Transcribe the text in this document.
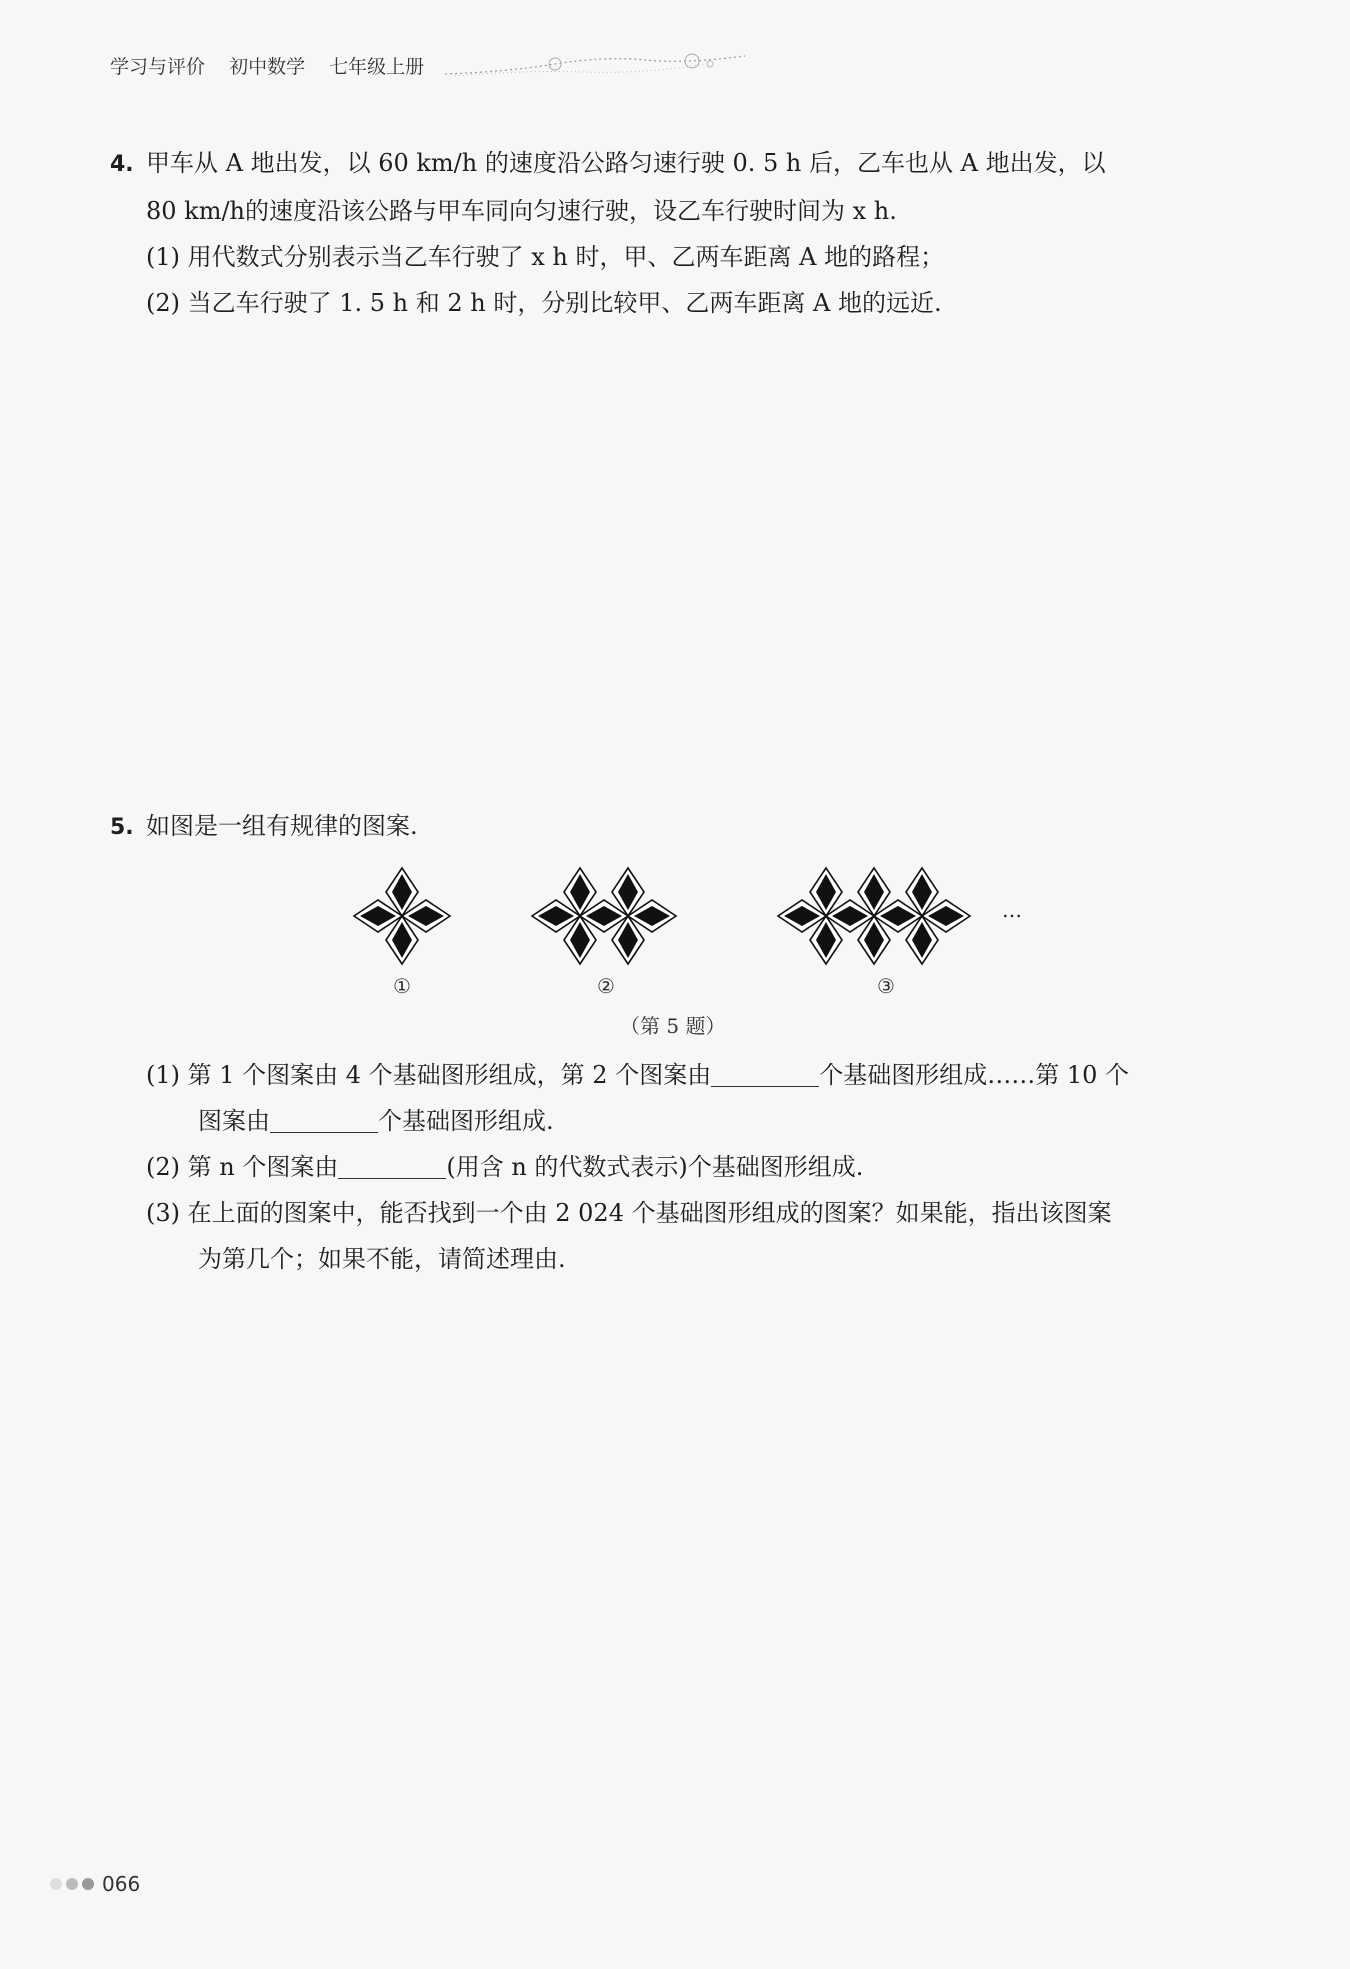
学习与评价 初中数学 七年级上册
4. 甲车从 A 地出发，以 60 km/h 的速度沿公路匀速行驶 0. 5 h 后，乙车也从 A 地出发，以
80 km/h的速度沿该公路与甲车同向匀速行驶，设乙车行驶时间为 x h.
(1) 用代数式分别表示当乙车行驶了 x h 时，甲、乙两车距离 A 地的路程；
(2) 当乙车行驶了 1. 5 h 和 2 h 时，分别比较甲、乙两车距离 A 地的远近.
5. 如图是一组有规律的图案.
…
①	②	③
（第 5 题）
(1) 第 1 个图案由 4 个基础图形组成，第 2 个图案由	个基础图形组成……第 10 个
图案由	个基础图形组成.
(2) 第 n 个图案由	(用含 n 的代数式表示)个基础图形组成.
(3) 在上面的图案中，能否找到一个由 2 024 个基础图形组成的图案？如果能，指出该图案
为第几个；如果不能，请简述理由.
066
